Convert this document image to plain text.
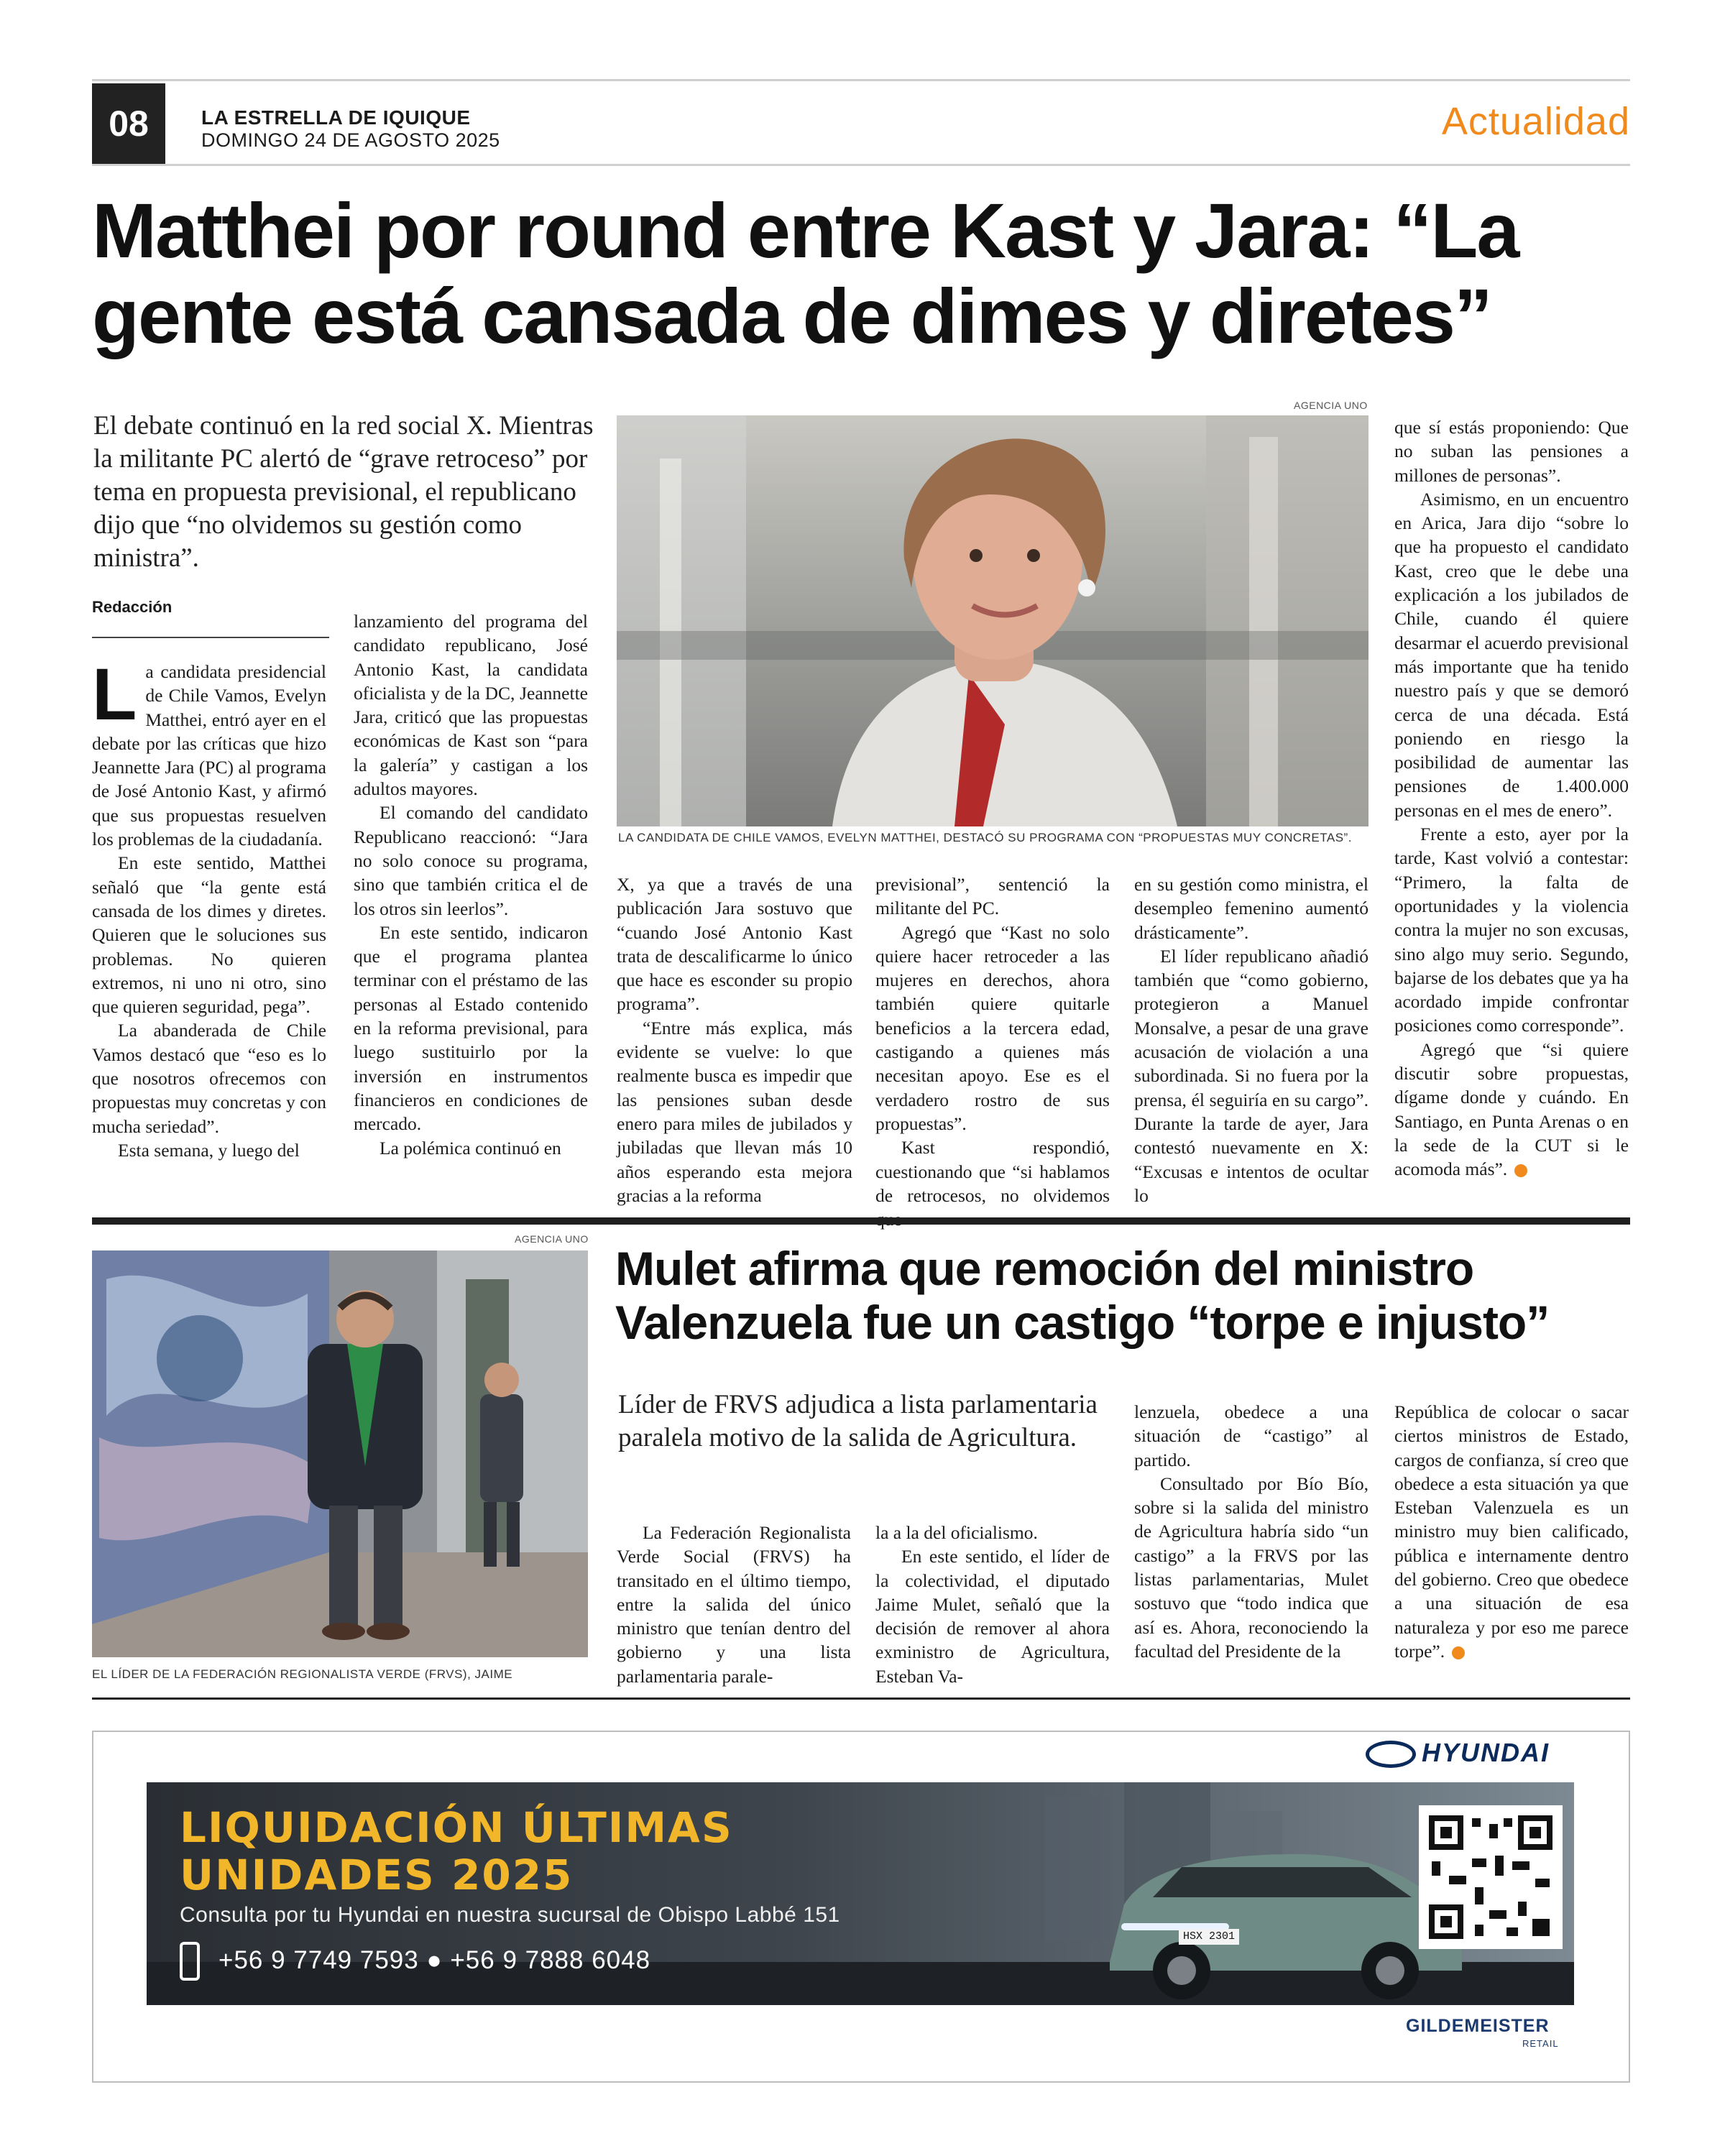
08	LA ESTRELLA DE IQUIQUE
DOMINGO 24 DE AGOSTO 2025	Actualidad
Matthei por round entre Kast y Jara: “La gente está cansada de dimes y diretes”
El debate continuó en la red social X. Mientras la militante PC alertó de “grave retroceso” por tema en propuesta previsional, el republicano dijo que “no olvidemos su gestión como ministra”.
Redacción

La candidata presidencial de Chile Vamos, Evelyn Matthei, entró ayer en el debate por las críticas que hizo Jeannette Jara (PC) al programa de José Antonio Kast, y afirmó que sus propuestas resuelven los problemas de la ciudadanía.

En este sentido, Matthei señaló que “la gente está cansada de los dimes y diretes. Quieren que le soluciones sus problemas. No quieren extremos, ni uno ni otro, sino que quieren seguridad, pega”.

La abanderada de Chile Vamos destacó que “eso es lo que nosotros ofrecemos con propuestas muy concretas y con mucha seriedad”.

Esta semana, y luego del

lanzamiento del programa del candidato republicano, José Antonio Kast, la candidata oficialista y de la DC, Jeannette Jara, criticó que las propuestas económicas de Kast son “para la galería” y castigan a los adultos mayores.

El comando del candidato Republicano reaccionó: “Jara no solo conoce su programa, sino que también critica el de los otros sin leerlos”.

En este sentido, indicaron que el programa plantea terminar con el préstamo de las personas al Estado contenido en la reforma previsional, para luego sustituirlo por la inversión en instrumentos financieros en condiciones de mercado.

La polémica continuó en

AGENCIA UNO
LA CANDIDATA DE CHILE VAMOS, EVELYN MATTHEI, DESTACÓ SU PROGRAMA CON “PROPUESTAS MUY CONCRETAS”.

X, ya que a través de una publicación Jara sostuvo que “cuando José Antonio Kast trata de descalificarme lo único que hace es esconder su propio programa”.

“Entre más explica, más evidente se vuelve: lo que realmente busca es impedir que las pensiones suban desde enero para miles de jubilados y jubiladas que llevan más 10 años esperando esta mejora gracias a la reforma

previsional”, sentenció la militante del PC.

Agregó que “Kast no solo quiere hacer retroceder a las mujeres en derechos, ahora también quiere quitarle beneficios a la tercera edad, castigando a quienes más necesitan apoyo. Ese es el verdadero rostro de sus propuestas”.

Kast respondió, cuestionando que “si hablamos de retrocesos, no olvidemos

en su gestión como ministra, el desempleo femenino aumentó drásticamente”.

El líder republicano añadió también que “como gobierno, protegieron a Manuel Monsalve, a pesar de una grave acusación de violación a una subordinada. Si no fuera por la prensa, él seguiría en su cargo”. Durante la tarde de ayer, Jara contestó nuevamente en X: “Excusas e intentos de ocultar lo

que sí estás proponiendo: Que no suban las pensiones a millones de personas”.

Asimismo, en un encuentro en Arica, Jara dijo “sobre lo que ha propuesto el candidato Kast, creo que le debe una explicación a los jubilados de Chile, cuando él quiere desarmar el acuerdo previsional más importante que ha tenido nuestro país y que se demoró cerca de una década. Está poniendo en riesgo la posibilidad de aumentar las pensiones de 1.400.000 personas en el mes de enero”.

Frente a esto, ayer por la tarde, Kast volvió a contestar: “Primero, la falta de oportunidades y la violencia contra la mujer no son excusas, sino algo muy serio. Segundo, bajarse de los debates que ya ha acordado impide confrontar posiciones como corresponde”.

Agregó que “si quiere discutir sobre propuestas, dígame donde y cuándo. En Santiago, en Punta Arenas o en la sede de la CUT si le acomoda más”.

AGENCIA UNO
EL LÍDER DE LA FEDERACIÓN REGIONALISTA VERDE (FRVS), JAIME
Mulet afirma que remoción del ministro Valenzuela fue un castigo “torpe e injusto”
Líder de FRVS adjudica a lista parlamentaria paralela motivo de la salida de Agricultura.

La Federación Regionalista Verde Social (FRVS) ha transitado en el último tiempo, entre la salida del único ministro que tenían dentro del gobierno y una lista parlamentaria parale-

la a la del oficialismo.

En este sentido, el líder de la colectividad, el diputado Jaime Mulet, señaló que la decisión de remover al ahora exministro de Agricultura, Esteban Va-

lenzuela, obedece a una situación de “castigo” al partido.

Consultado por Bío Bío, sobre si la salida del ministro de Agricultura habría sido “un castigo” a la FRVS por las listas parlamentarias, Mulet sostuvo que “todo indica que así es. Ahora, reconociendo la facultad del Presidente de la

República de colocar o sacar ciertos ministros de Estado, cargos de confianza, sí creo que obedece a esta situación ya que Esteban Valenzuela es un ministro muy bien calificado, pública e internamente dentro del gobierno. Creo que obedece a una situación de esa naturaleza y por eso me parece torpe”.

HYUNDAI
LIQUIDACIÓN ÚLTIMAS
UNIDADES 2025
Consulta por tu Hyundai en nuestra sucursal de Obispo Labbé 151
+56 9 7749 7593 ● +56 9 7888 6048
HSX 2301
GILDEMEISTER
RETAIL
